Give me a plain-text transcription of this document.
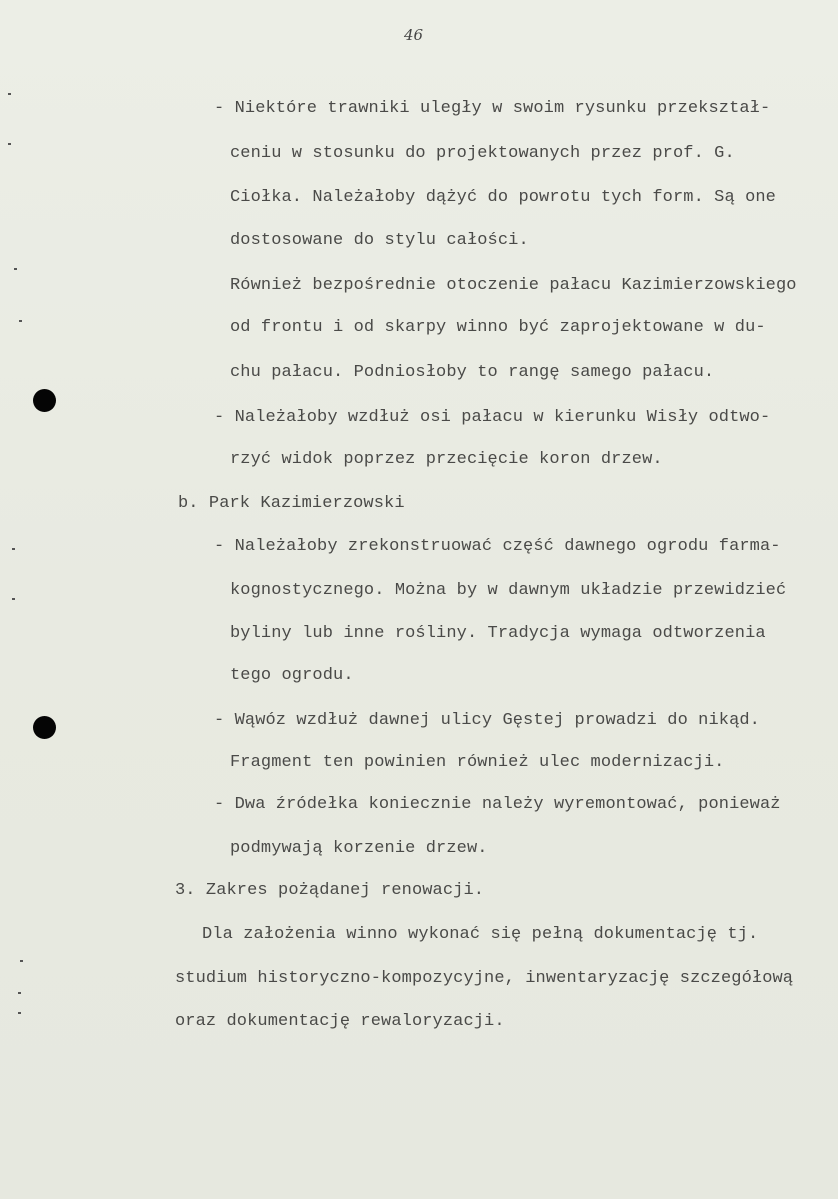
46
- Niektóre trawniki uległy w swoim rysunku przekształ-
ceniu w stosunku do projektowanych przez prof. G.
Ciołka. Należałoby dążyć do powrotu tych form. Są one
dostosowane do stylu całości.
Również bezpośrednie otoczenie pałacu Kazimierzowskiego
od frontu i od skarpy winno być zaprojektowane w du-
chu pałacu. Podniosłoby to rangę samego pałacu.
- Należałoby wzdłuż osi pałacu w kierunku Wisły odtwo-
rzyć widok poprzez przecięcie koron drzew.
b. Park Kazimierzowski
- Należałoby zrekonstruować część dawnego ogrodu farma-
kognostycznego. Można by w dawnym układzie przewidzieć
byliny lub inne rośliny. Tradycja wymaga odtworzenia
tego ogrodu.
- Wąwóz wzdłuż dawnej ulicy Gęstej prowadzi do nikąd.
Fragment ten powinien również ulec modernizacji.
- Dwa źródełka koniecznie należy wyremontować, ponieważ
podmywają korzenie drzew.
3. Zakres pożądanej renowacji.
Dla założenia winno wykonać się pełną dokumentację tj.
studium historyczno-kompozycyjne, inwentaryzację szczegółową
oraz dokumentację rewaloryzacji.
